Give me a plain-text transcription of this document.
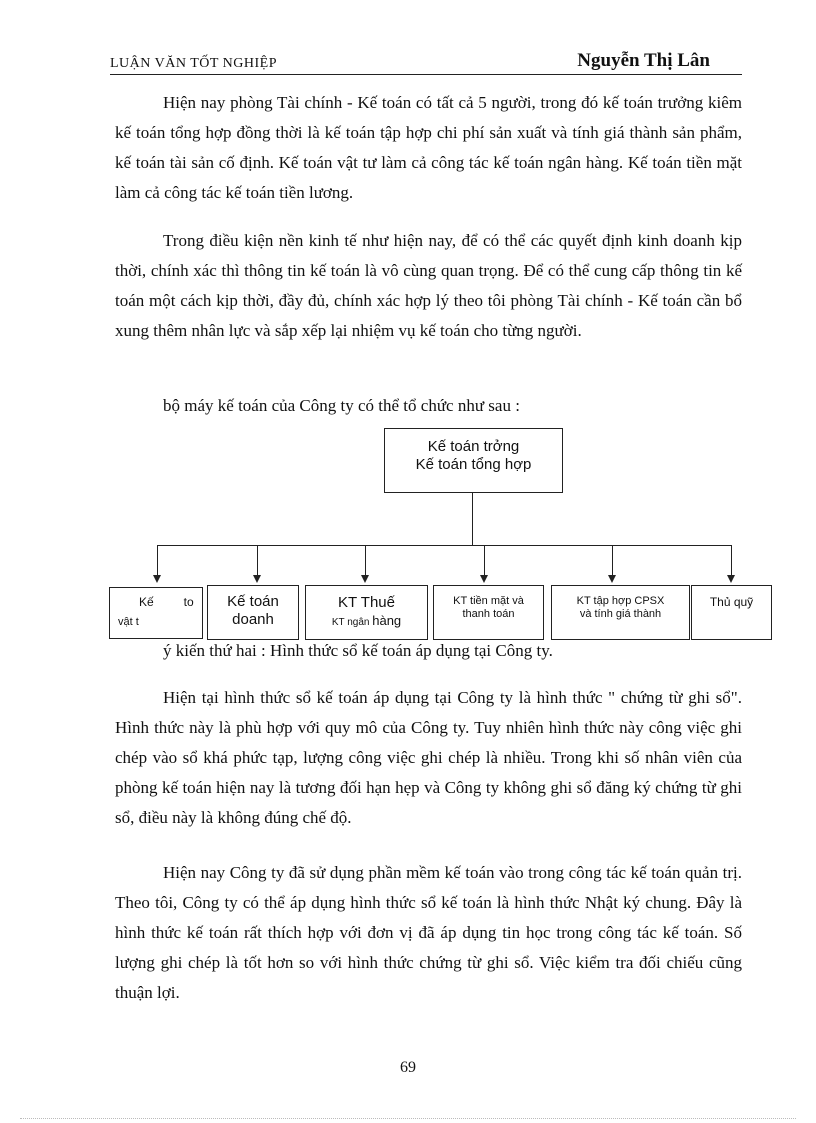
LUẬN VĂN TỐT NGHIỆP	Nguyễn Thị Lân

Hiện nay phòng Tài chính - Kế toán có tất cả 5 người, trong đó kế toán trưởng kiêm kế toán tổng hợp đồng thời là kế toán tập hợp chi phí sản xuất và tính giá thành sản phẩm, kế toán tài sản cố định. Kế toán vật tư làm cả công tác kế toán ngân hàng. Kế toán tiền mặt làm cả công tác kế toán tiền lương.

Trong điều kiện nền kinh tế như hiện nay, để có thể các quyết định kinh doanh kịp thời, chính xác thì thông tin kế toán là vô cùng quan trọng. Để có thể cung cấp thông tin kế toán một cách kịp thời, đầy đủ, chính xác hợp lý theo tôi phòng Tài chính - Kế toán cần bổ xung thêm nhân lực và sắp xếp lại nhiệm vụ kế toán cho từng người.

bộ máy kế toán của Công ty có thể tổ chức như sau :
Kế toán trởng
Kế toán tổng hợp
Kế         to
vật t
Kế toán
doanh
KT Thuế
KT ngân hàng
KT tiền mặt và
thanh toán
KT tập hợp CPSX
và tính giá thành
Thủ quỹ
ý kiến thứ hai : Hình thức sổ kế toán áp dụng tại Công ty.

Hiện tại hình thức sổ kế toán áp dụng tại Công ty là hình thức " chứng từ ghi sổ". Hình thức này là phù hợp với quy mô của Công ty. Tuy nhiên hình thức này công việc ghi chép vào sổ khá phức tạp, lượng công việc ghi chép là nhiều. Trong khi số nhân viên của phòng kế toán hiện nay là tương đối hạn hẹp và Công ty không ghi sổ đăng ký chứng từ ghi sổ, điều này là không đúng chế độ.

Hiện nay Công ty đã sử dụng phần mềm kế toán vào trong công tác kế toán quản trị. Theo tôi, Công ty có thể áp dụng hình thức sổ kế toán là hình thức Nhật ký chung. Đây là hình thức kế toán rất thích hợp với đơn vị đã áp dụng tin học trong công tác kế toán. Số lượng ghi chép là tốt hơn so với hình thức chứng từ ghi sổ. Việc kiểm tra đối chiếu cũng thuận lợi.

69
